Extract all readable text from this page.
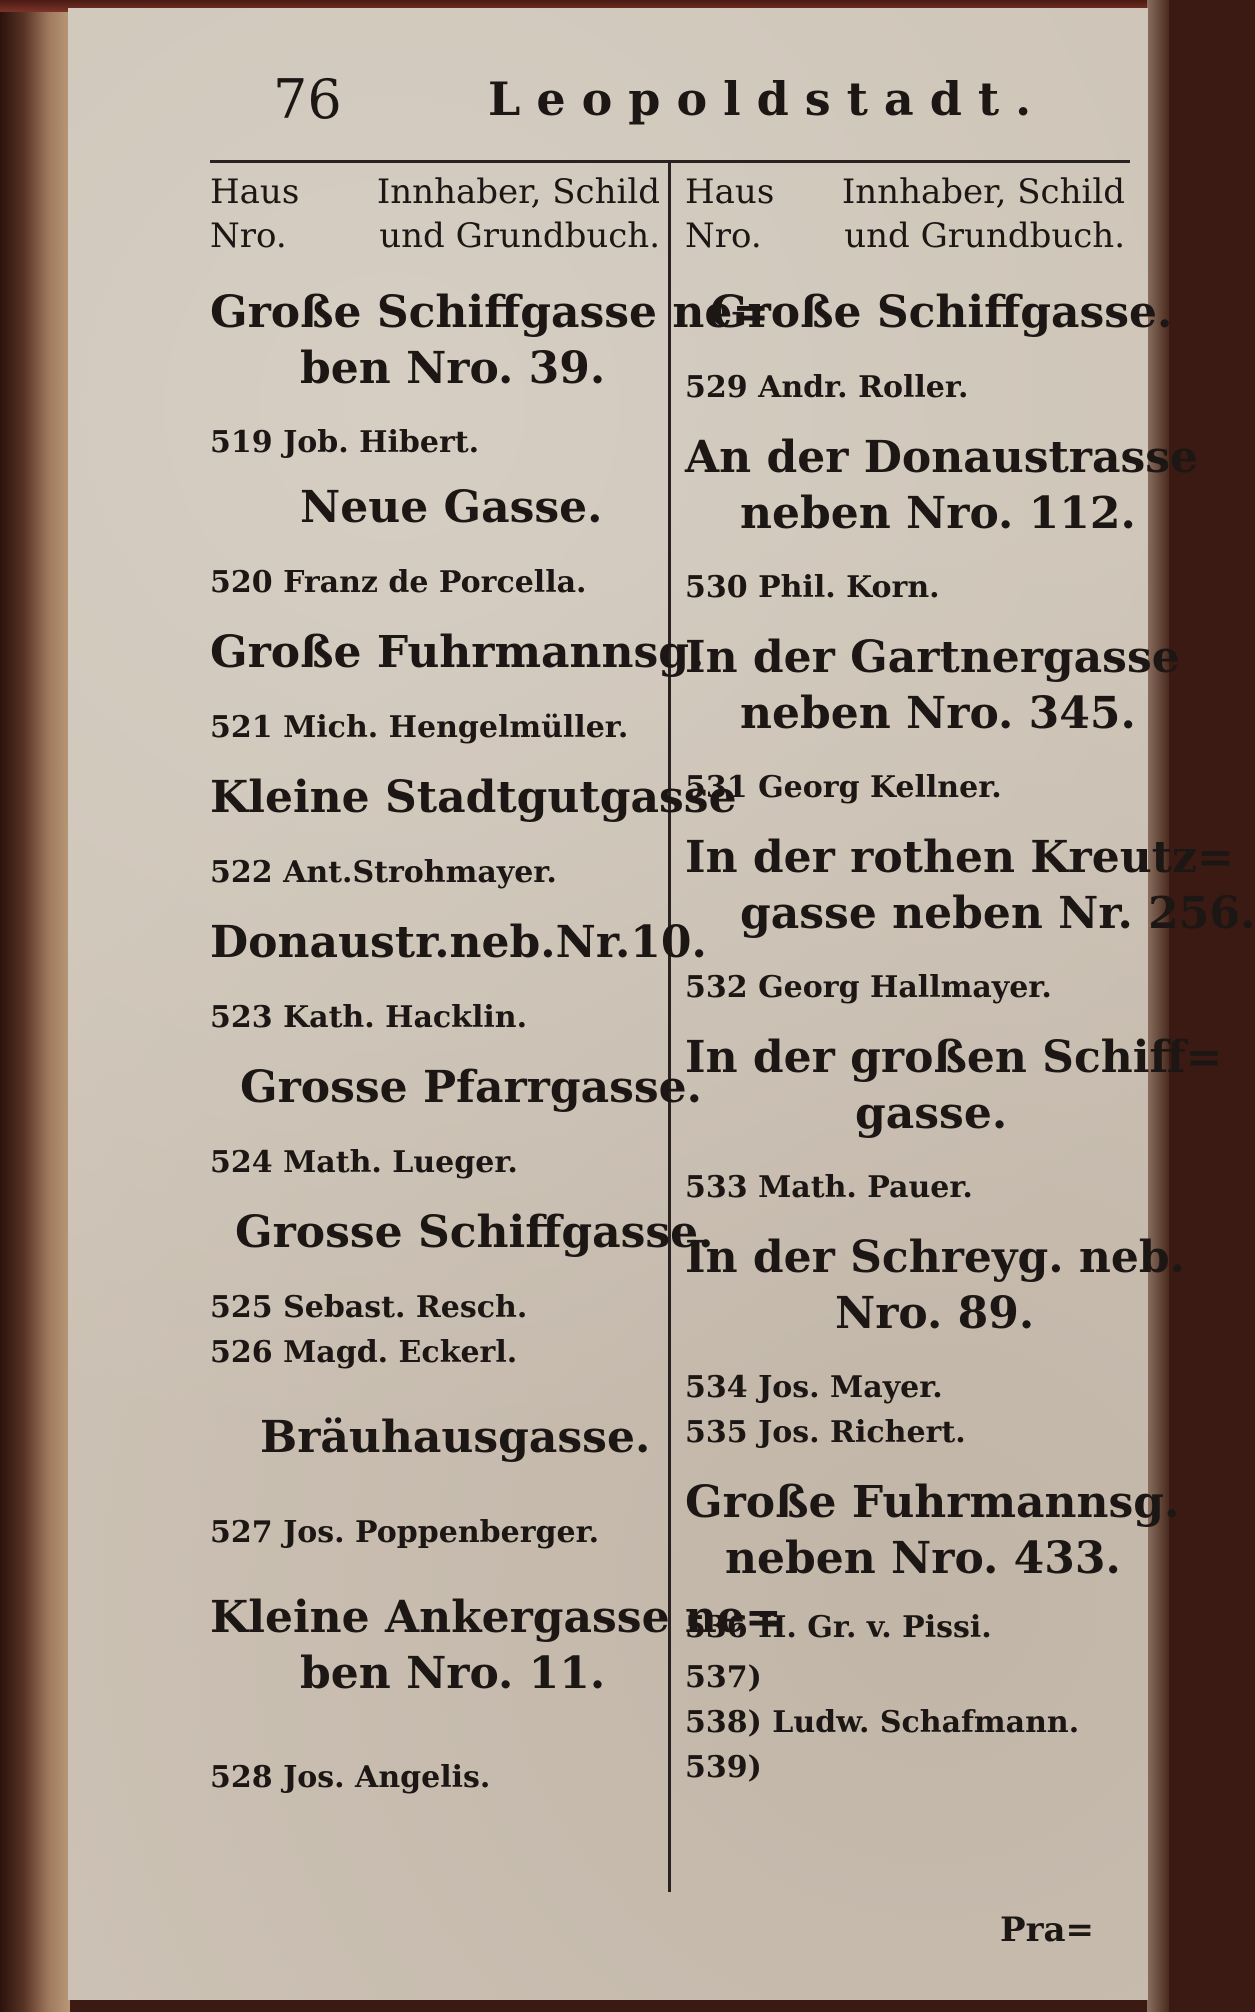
76	Leopoldstadt.
Haus Innhaber, Schild
Nro.	und Grundbuch.
Große Schiffgasse ne=
ben Nro. 39.
519 Job. Hibert.
Neue Gasse.
520 Franz de Porcella.
Große Fuhrmannsg.
521 Mich. Hengelmüller.
Kleine Stadtgutgasse
522 Ant.Strohmayer.
Donaustr.neb.Nr.10.
523 Kath. Hacklin.
Grosse Pfarrgasse.
524 Math. Lueger.
Grosse Schiffgasse.
525 Sebast. Resch.
526 Magd. Eckerl.
Bräuhausgasse.
527 Jos. Poppenberger.
Kleine Ankergasse ne=
ben Nro. 11.
528 Jos. Angelis.
Haus Innhaber, Schild
Nro. und Grundbuch.
Große Schiffgasse.
529 Andr. Roller.
An der Donaustrasse
neben Nro. 112.
530 Phil. Korn.
In der Gartnergasse
neben Nro. 345.
531 Georg Kellner.
In der rothen Kreutz=
gasse neben Nr. 256.
532 Georg Hallmayer.
In der großen Schiff=
gasse.
533 Math. Pauer.
In der Schreyg. neb.
Nro. 89.
534 Jos. Mayer.
535 Jos. Richert.
Große Fuhrmannsg.
neben Nro. 433.
536 H. Gr. v. Pissi.
537)
538) Ludw. Schafmann.
539)
Pra=
